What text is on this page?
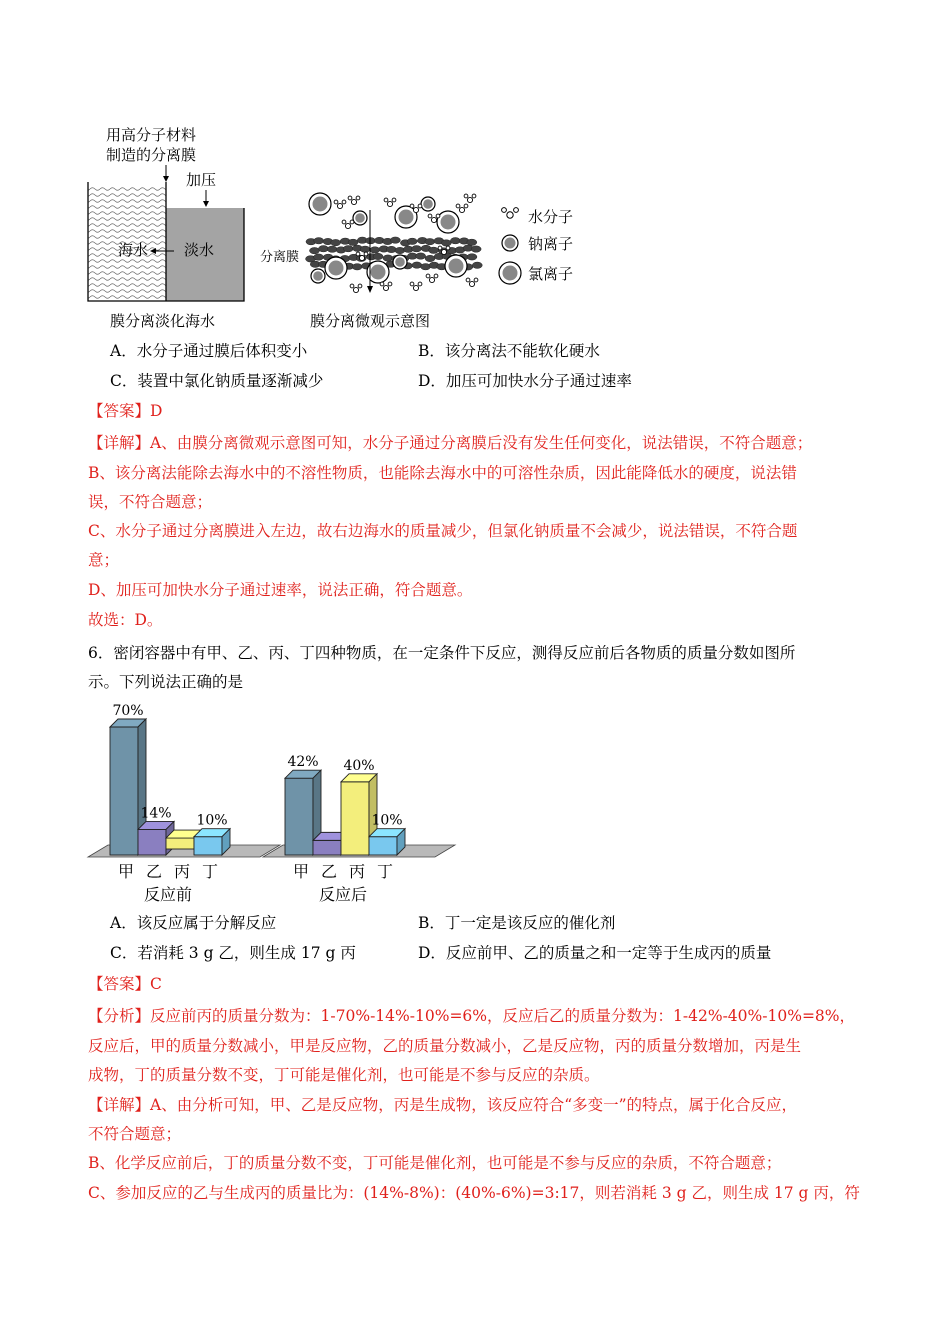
用高分子材料
制造的分离膜
加压
海水 淡水
膜分离淡化海水
分离膜
膜分离微观示意图
水分子
钠离子
氯离子
A．水分子通过膜后体积变小	B．该分离法不能软化硬水
C．装置中氯化钠质量逐渐减少	D．加压可加快水分子通过速率
【答案】D
【详解】A、由膜分离微观示意图可知，水分子通过分离膜后没有发生任何变化，说法错误，不符合题意；
B、该分离法能除去海水中的不溶性物质，也能除去海水中的可溶性杂质，因此能降低水的硬度，说法错
误，不符合题意；
C、水分子通过分离膜进入左边，故右边海水的质量减少，但氯化钠质量不会减少，说法错误，不符合题
意；
D、加压可加快水分子通过速率，说法正确，符合题意。
故选：D。
6．密闭容器中有甲、乙、丙、丁四种物质，在一定条件下反应，测得反应前后各物质的质量分数如图所
示。下列说法正确的是
70%
甲
14%
乙 丙
10%
丁
反应前
42%
甲 乙
40%
丙
10%
丁
反应后
A．该反应属于分解反应	B．丁一定是该反应的催化剂
C．若消耗 3 g 乙，则生成 17 g 丙	D．反应前甲、乙的质量之和一定等于生成丙的质量
【答案】C
【分析】反应前丙的质量分数为：1-70%-14%-10%=6%，反应后乙的质量分数为：1-42%-40%-10%=8%，
反应后，甲的质量分数减小，甲是反应物，乙的质量分数减小，乙是反应物，丙的质量分数增加，丙是生
成物，丁的质量分数不变，丁可能是催化剂，也可能是不参与反应的杂质。
【详解】A、由分析可知，甲、乙是反应物，丙是生成物，该反应符合“多变一”的特点，属于化合反应，
不符合题意；
B、化学反应前后，丁的质量分数不变，丁可能是催化剂，也可能是不参与反应的杂质，不符合题意；
C、参加反应的乙与生成丙的质量比为：(14%-8%)：(40%-6%)=3:17，则若消耗 3 g 乙，则生成 17 g 丙，符
